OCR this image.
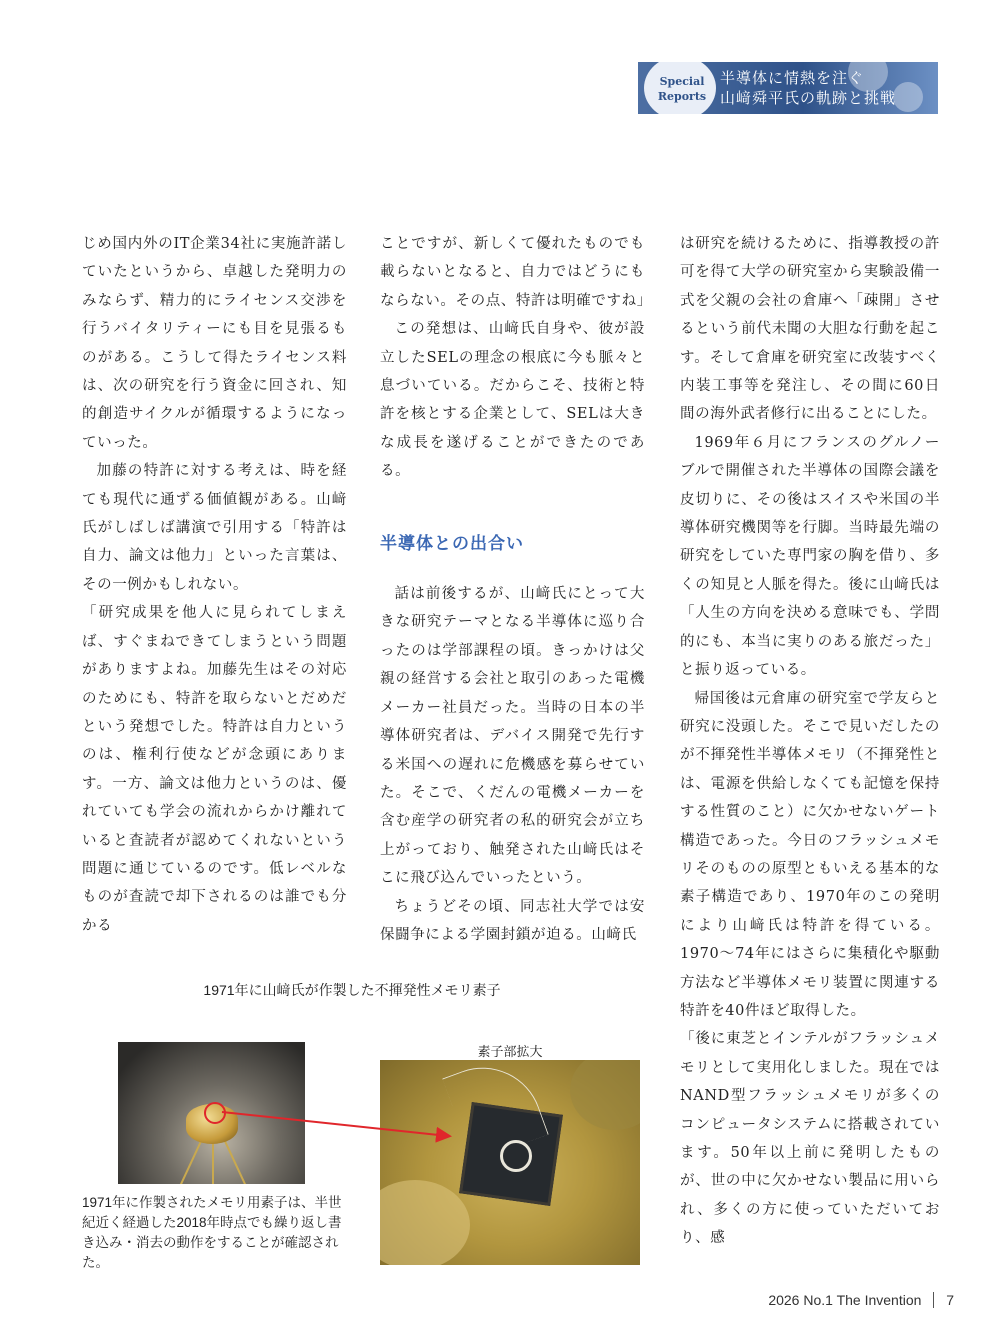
Special
Reports
半導体に情熱を注ぐ
山﨑舜平氏の軌跡と挑戦

じめ国内外のIT企業34社に実施許諾していたというから、卓越した発明力のみならず、精力的にライセンス交渉を行うバイタリティーにも目を見張るものがある。こうして得たライセンス料は、次の研究を行う資金に回され、知的創造サイクルが循環するようになっていった。

加藤の特許に対する考えは、時を経ても現代に通ずる価値観がある。山﨑氏がしばしば講演で引用する「特許は自力、論文は他力」といった言葉は、その一例かもしれない。

「研究成果を他人に見られてしまえば、すぐまねできてしまうという問題がありますよね。加藤先生はその対応のためにも、特許を取らないとだめだという発想でした。特許は自力というのは、権利行使などが念頭にあります。一方、論文は他力というのは、優れていても学会の流れからかけ離れていると査読者が認めてくれないという問題に通じているのです。低レベルなものが査読で却下されるのは誰でも分かる

ことですが、新しくて優れたものでも載らないとなると、自力ではどうにもならない。その点、特許は明確ですね」

この発想は、山﨑氏自身や、彼が設立したSELの理念の根底に今も脈々と息づいている。だからこそ、技術と特許を核とする企業として、SELは大きな成長を遂げることができたのである。

半導体との出合い

話は前後するが、山﨑氏にとって大きな研究テーマとなる半導体に巡り合ったのは学部課程の頃。きっかけは父親の経営する会社と取引のあった電機メーカー社員だった。当時の日本の半導体研究者は、デバイス開発で先行する米国への遅れに危機感を募らせていた。そこで、くだんの電機メーカーを含む産学の研究者の私的研究会が立ち上がっており、触発された山﨑氏はそこに飛び込んでいったという。

ちょうどその頃、同志社大学では安保闘争による学園封鎖が迫る。山﨑氏

は研究を続けるために、指導教授の許可を得て大学の研究室から実験設備一式を父親の会社の倉庫へ「疎開」させるという前代未聞の大胆な行動を起こす。そして倉庫を研究室に改装すべく内装工事等を発注し、その間に60日間の海外武者修行に出ることにした。

1969年６月にフランスのグルノーブルで開催された半導体の国際会議を皮切りに、その後はスイスや米国の半導体研究機関等を行脚。当時最先端の研究をしていた専門家の胸を借り、多くの知見と人脈を得た。後に山﨑氏は「人生の方向を決める意味でも、学問的にも、本当に実りのある旅だった」と振り返っている。

帰国後は元倉庫の研究室で学友らと研究に没頭した。そこで見いだしたのが不揮発性半導体メモリ（不揮発性とは、電源を供給しなくても記憶を保持する性質のこと）に欠かせないゲート構造であった。今日のフラッシュメモリそのものの原型ともいえる基本的な素子構造であり、1970年のこの発明により山﨑氏は特許を得ている。1970～74年にはさらに集積化や駆動方法など半導体メモリ装置に関連する特許を40件ほど取得した。

「後に東芝とインテルがフラッシュメモリとして実用化しました。現在ではNAND型フラッシュメモリが多くのコンピュータシステムに搭載されています。50年以上前に発明したものが、世の中に欠かせない製品に用いられ、多くの方に使っていただいており、感

1971年に山﨑氏が作製した不揮発性メモリ素子
1971年に作製されたメモリ用素子は、半世紀近く経過した2018年時点でも繰り返し書き込み・消去の動作をすることが確認された。
素子部拡大
2026 No.1 The Invention 7
